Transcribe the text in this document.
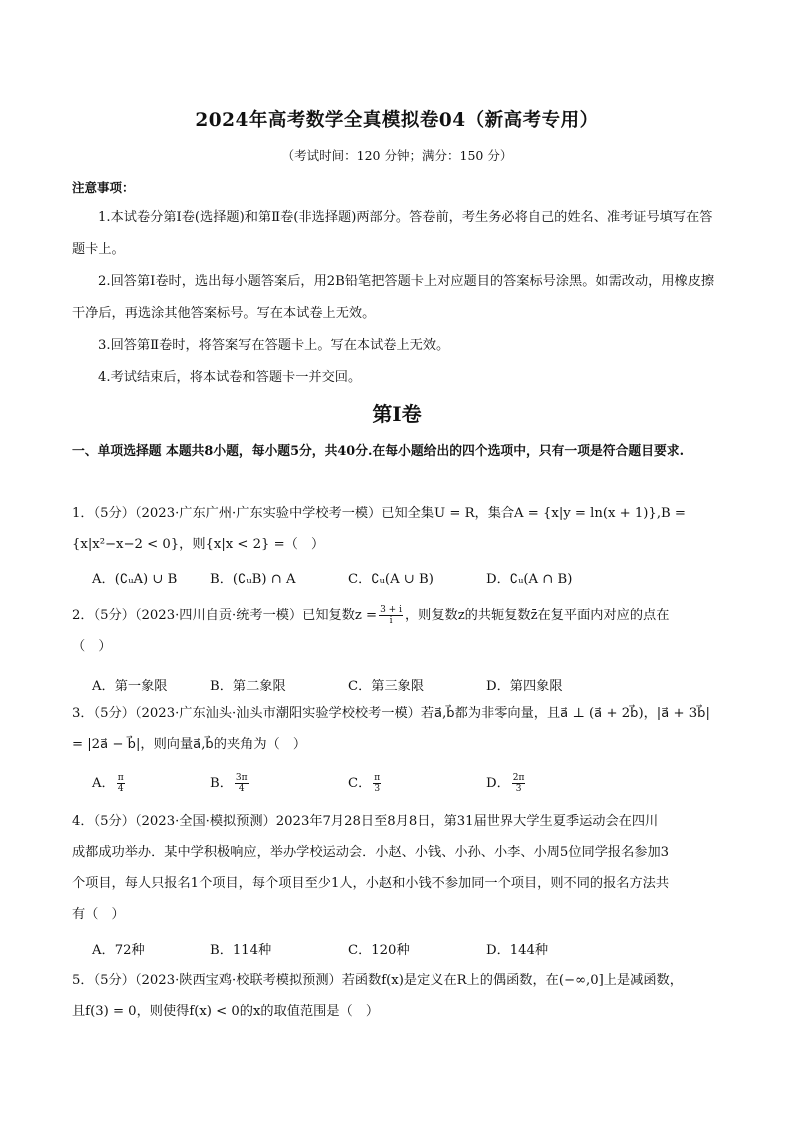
2024年高考数学全真模拟卷04（新高考专用）
（考试时间：120 分钟；满分：150 分）
注意事项：
1.本试卷分第Ⅰ卷(选择题)和第Ⅱ卷(非选择题)两部分。答卷前，考生务必将自己的姓名、准考证号填写在答题卡上。
2.回答第Ⅰ卷时，选出每小题答案后，用2B铅笔把答题卡上对应题目的答案标号涂黑。如需改动，用橡皮擦干净后，再选涂其他答案标号。写在本试卷上无效。
3.回答第Ⅱ卷时，将答案写在答题卡上。写在本试卷上无效。
4.考试结束后，将本试卷和答题卡一并交回。
第Ⅰ卷
一、单项选择题 本题共8小题，每小题5分，共40分.在每小题给出的四个选项中，只有一项是符合题目要求.
1．（5分）（2023·广东广州·广东实验中学校考一模）已知全集U = R，集合A = {x|y = ln(x + 1)},B =
{x|x²−x−2 < 0}，则{x|x < 2} =（　）
A．(∁ᵤA) ∪ B B．(∁ᵤB) ∩ A	C．∁ᵤ(A ∪ B)	D．∁ᵤ(A ∩ B)
2．（5分）（2023·四川自贡·统考一模）已知复数$z = \frac{3 + i}{i}$ ，则复数z的共轭复数z̄在复平面内对应的点在
（　）
A．第一象限	B．第二象限	C．第三象限	D．第四象限
3．（5分）（2023·广东汕头·汕头市潮阳实验学校校考一模）若a⃗,b⃗都为非零向量，且a⃗ ⊥ (a⃗ + 2b⃗)，|a⃗ + 3b⃗|
= |2a⃗ − b⃗|，则向量a⃗,b⃗的夹角为（　）
A． $\frac{\pi}{4}$	B． $\frac{3\pi}{4}$	C． $\frac{\pi}{3}$	D． $\frac{2\pi}{3}$
4．（5分）（2023·全国·模拟预测）2023年7月28日至8月8日，第31届世界大学生夏季运动会在四川
成都成功举办．某中学积极响应，举办学校运动会．小赵、小钱、小孙、小李、小周5位同学报名参加3
个项目，每人只报名1个项目，每个项目至少1人，小赵和小钱不参加同一个项目，则不同的报名方法共
有（　）
A．72种	B．114种	C．120种	D．144种
5．（5分）（2023·陕西宝鸡·校联考模拟预测）若函数f(x)是定义在R上的偶函数，在(−∞,0]上是减函数，
且f(3) = 0，则使得f(x) < 0的x的取值范围是（　）
